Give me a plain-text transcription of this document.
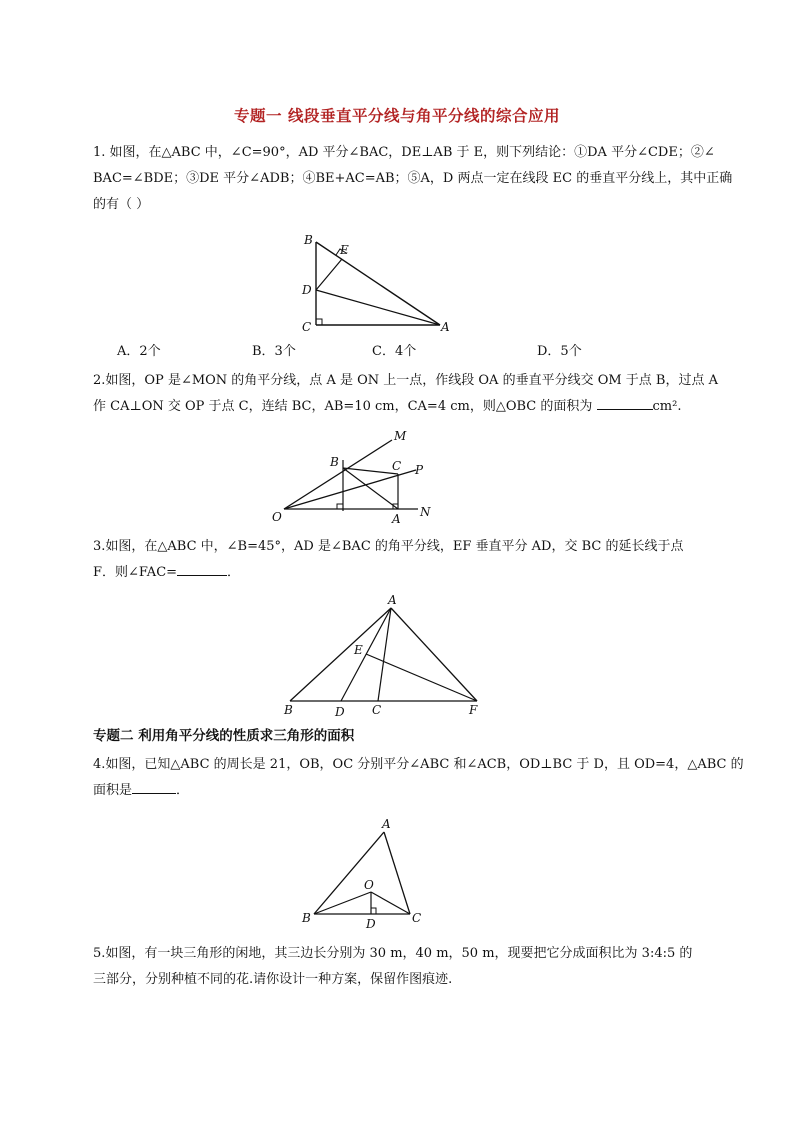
专题一 线段垂直平分线与角平分线的综合应用
1. 如图，在△ABC 中，∠C=90°，AD 平分∠BAC，DE⊥AB 于 E，则下列结论：①DA 平分∠CDE；②∠
BAC=∠BDE；③DE 平分∠ADB；④BE+AC=AB；⑤A，D 两点一定在线段 EC 的垂直平分线上，其中正确
的有（ ）
B
E
D
C	A
A．2个	B．3个	C．4个	D．5个
2.如图，OP 是∠MON 的角平分线，点 A 是 ON 上一点，作线段 OA 的垂直平分线交 OM 于点 B，过点 A
作 CA⊥ON 交 OP 于点 C，连结 BC，AB=10 cm，CA=4 cm，则△OBC 的面积为	cm².
M
B	C P
O	A N
3.如图，在△ABC 中，∠B=45°，AD 是∠BAC 的角平分线，EF 垂直平分 AD，交 BC 的延长线于点
F．则∠FAC=	．
A
E
B	D C	F
专题二 利用角平分线的性质求三角形的面积
4.如图，已知△ABC 的周长是 21，OB，OC 分别平分∠ABC 和∠ACB，OD⊥BC 于 D，且 OD=4，△ABC 的
面积是	．
A
O
B	D	C
5.如图，有一块三角形的闲地，其三边长分别为 30 m，40 m，50 m，现要把它分成面积比为 3:4:5 的
三部分，分别种植不同的花.请你设计一种方案，保留作图痕迹.
